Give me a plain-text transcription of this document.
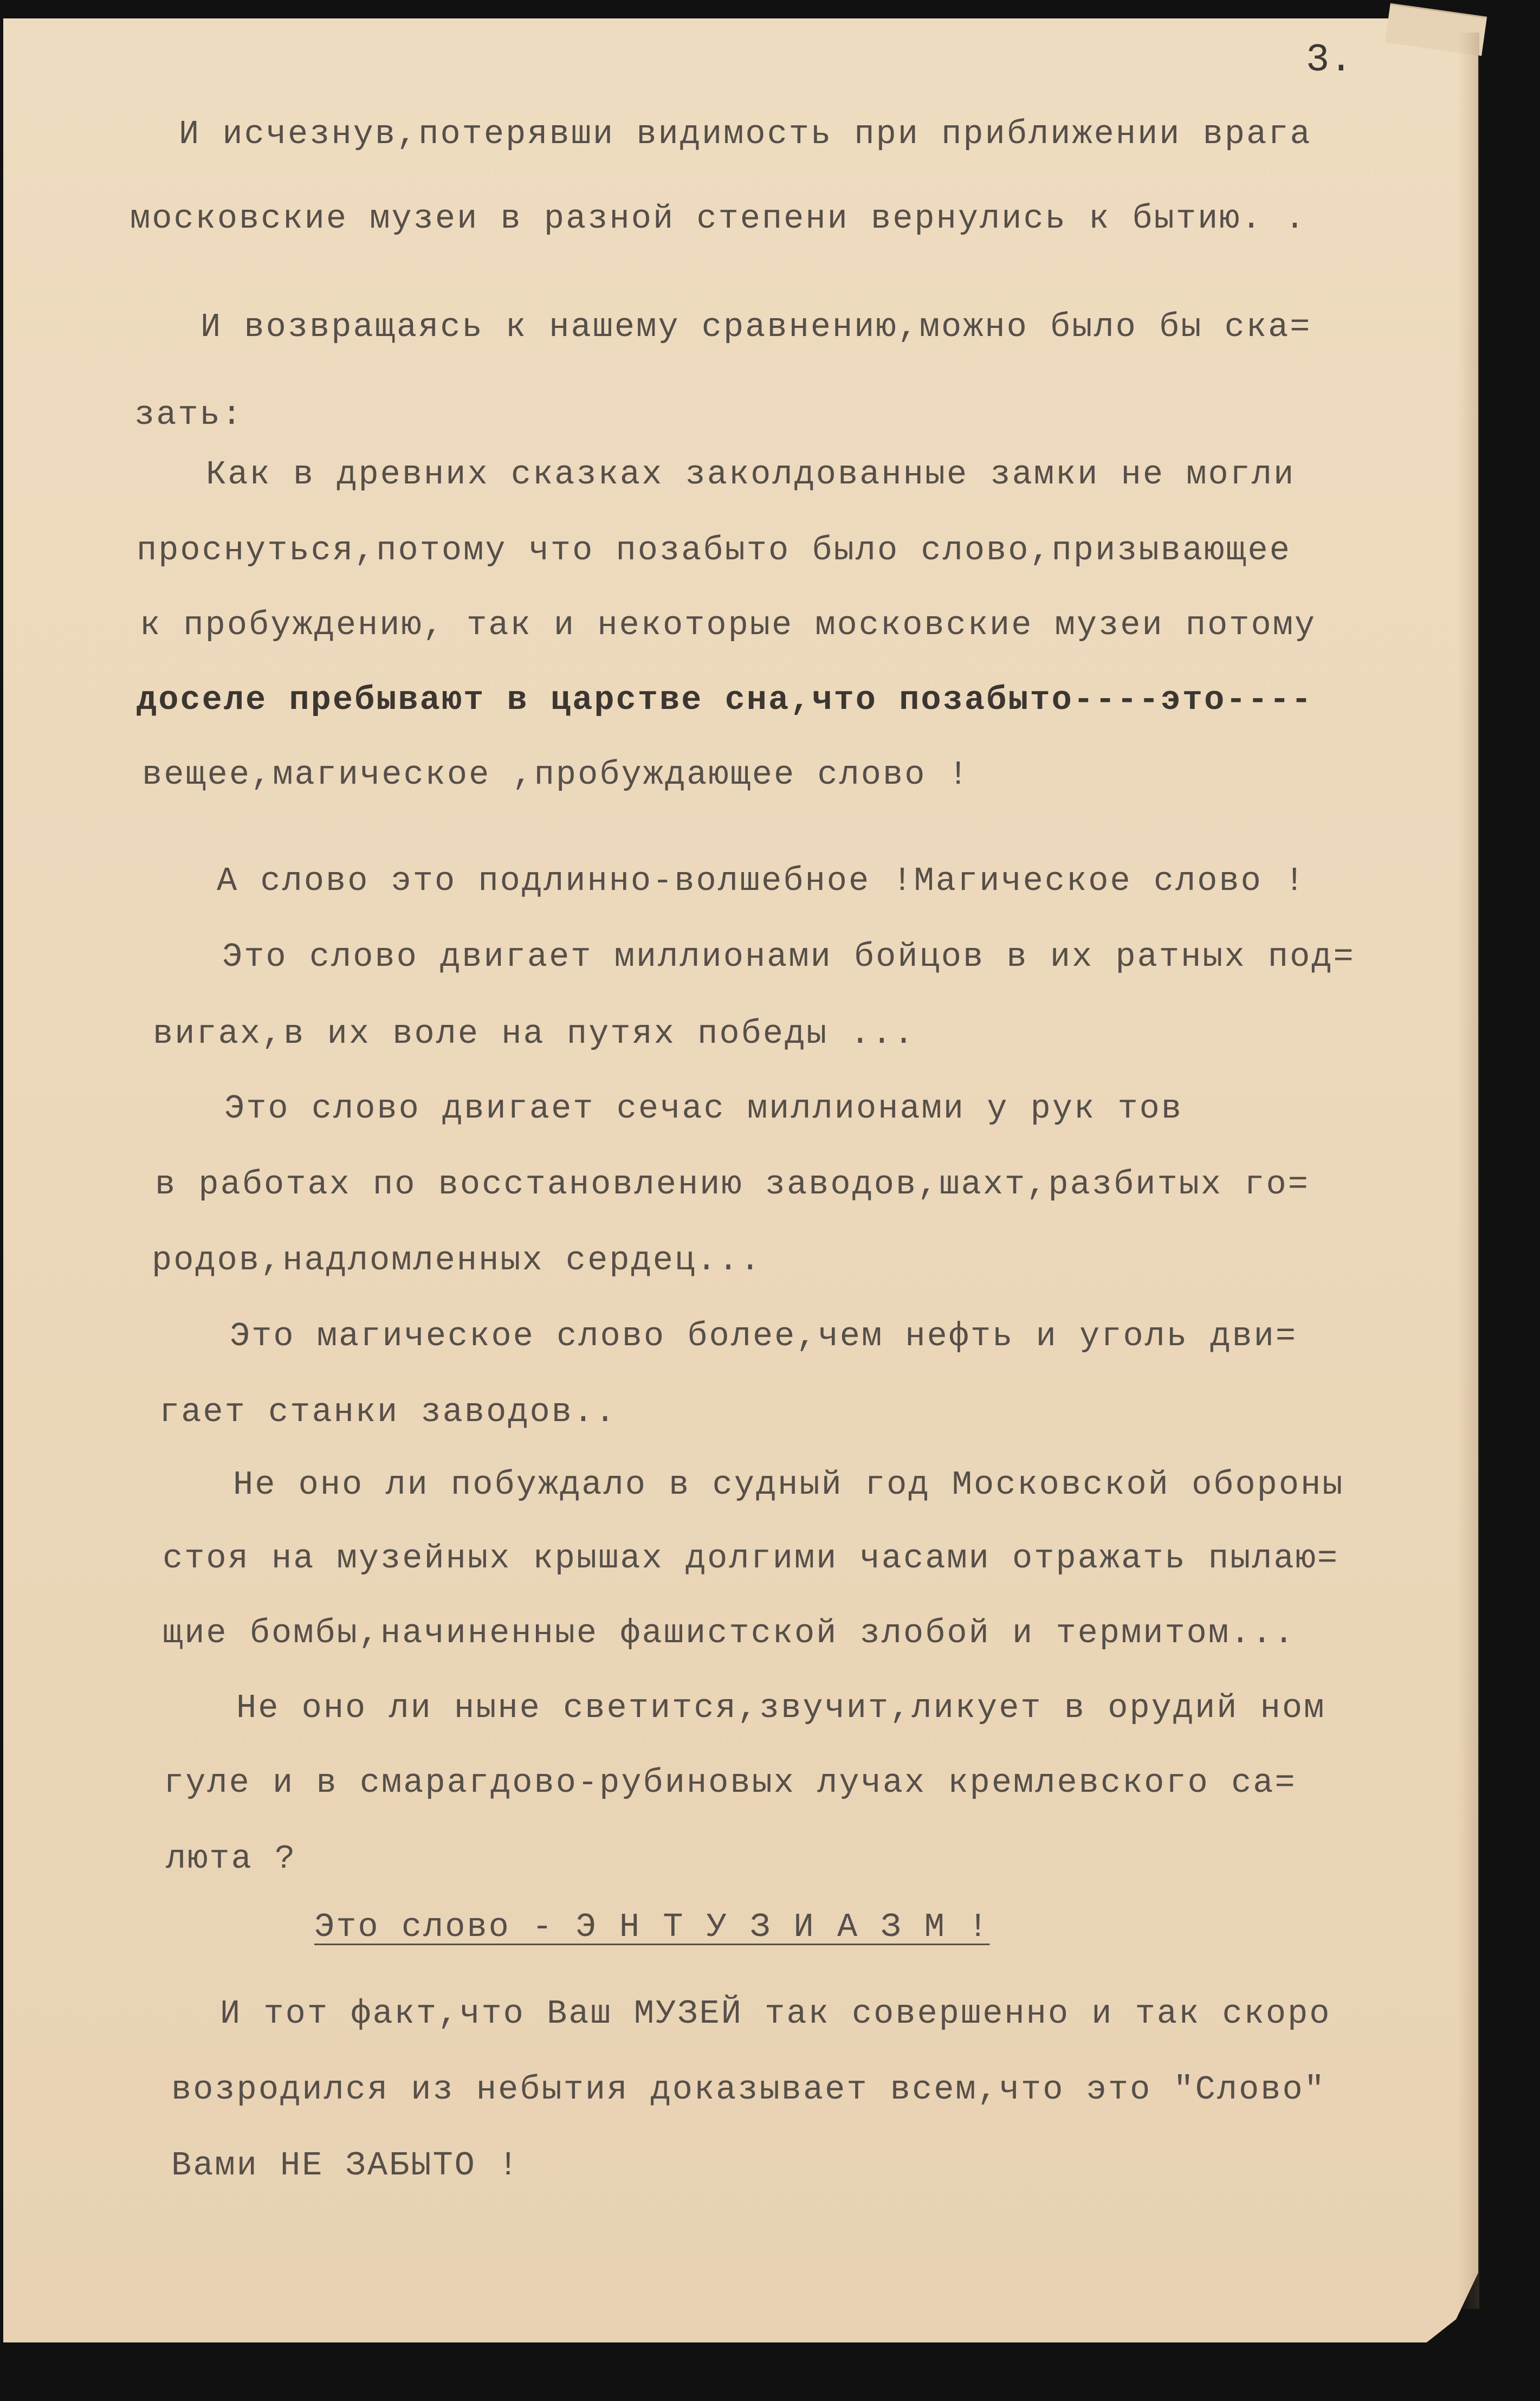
3.
И исчезнув,потерявши видимость при приближении врага
московские музеи в разной степени вернулись к бытию. .
И возвращаясь к нашему сравнению,можно было бы ска=
зать:
Как в древних сказках заколдованные замки не могли
проснуться,потому что позабыто было слово,призывающее
к пробуждению, так и некоторые московские музеи потому
доселе пребывают в царстве сна,что позабыто----это----
вещее,магическое ,пробуждающее слово !
А слово это подлинно-волшебное !Магическое слово !
Это слово двигает миллионами бойцов в их ратных под=
вигах,в их воле на путях победы ...
Это слово двигает сечас миллионами у рук тов
в работах по восстановлению заводов,шахт,разбитых го=
родов,надломленных сердец...
Это магическое слово более,чем нефть и уголь дви=
гает станки заводов..
Не оно ли побуждало в судный год Московской обороны
стоя на музейных крышах долгими часами отражать пылаю=
щие бомбы,начиненные фашистской злобой и термитом...
Не оно ли ныне светится,звучит,ликует в орудий ном
гуле и в смарагдово-рубиновых лучах кремлевского са=
люта ?
Это слово - Э Н Т У З И А З М !
И тот факт,что Ваш МУЗЕЙ так совершенно и так скоро
возродился из небытия доказывает всем,что это "Слово"
Вами НЕ ЗАБЫТО !
